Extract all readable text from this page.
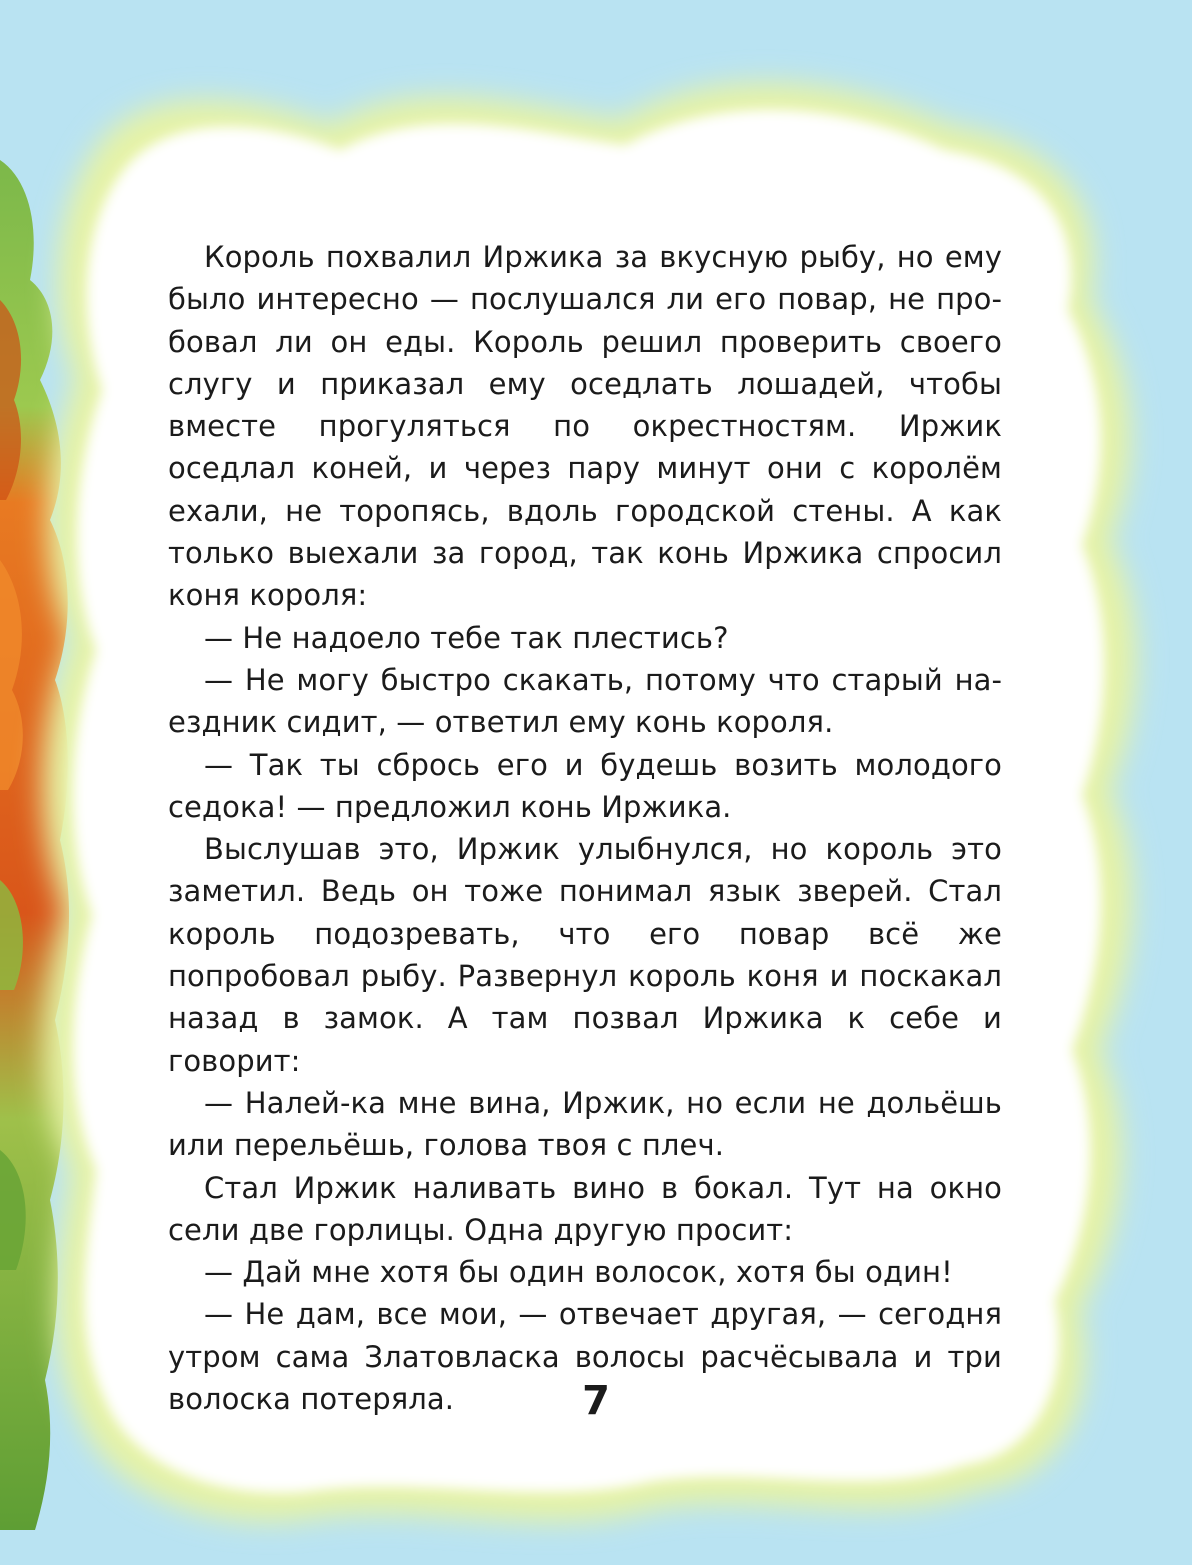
Король похвалил Иржика за вкусную рыбу, но ему было интересно — послушался ли его повар, не пробовал ли он еды. Король решил проверить своего слугу и приказал ему оседлать лошадей, чтобы вместе прогуляться по окрестностям. Иржик оседлал коней, и через пару минут они с королём ехали, не торопясь, вдоль городской стены. А как только выехали за город, так конь Иржика спросил коня короля:

— Не надоело тебе так плестись?

— Не могу быстро скакать, потому что старый наездник сидит, — ответил ему конь короля.

— Так ты сбрось его и будешь возить молодого седока! — предложил конь Иржика.

Выслушав это, Иржик улыбнулся, но король это заметил. Ведь он тоже понимал язык зверей. Стал король подозревать, что его повар всё же попробовал рыбу. Развернул король коня и поскакал назад в замок. А там позвал Иржика к себе и говорит:

— Налей-ка мне вина, Иржик, но если не дольёшь или перельёшь, голова твоя с плеч.

Стал Иржик наливать вино в бокал. Тут на окно сели две горлицы. Одна другую просит:

— Дай мне хотя бы один волосок, хотя бы один!

— Не дам, все мои, — отвечает другая, — сегодня утром сама Златовласка волосы расчёсывала и три волоска потеряла.	7
